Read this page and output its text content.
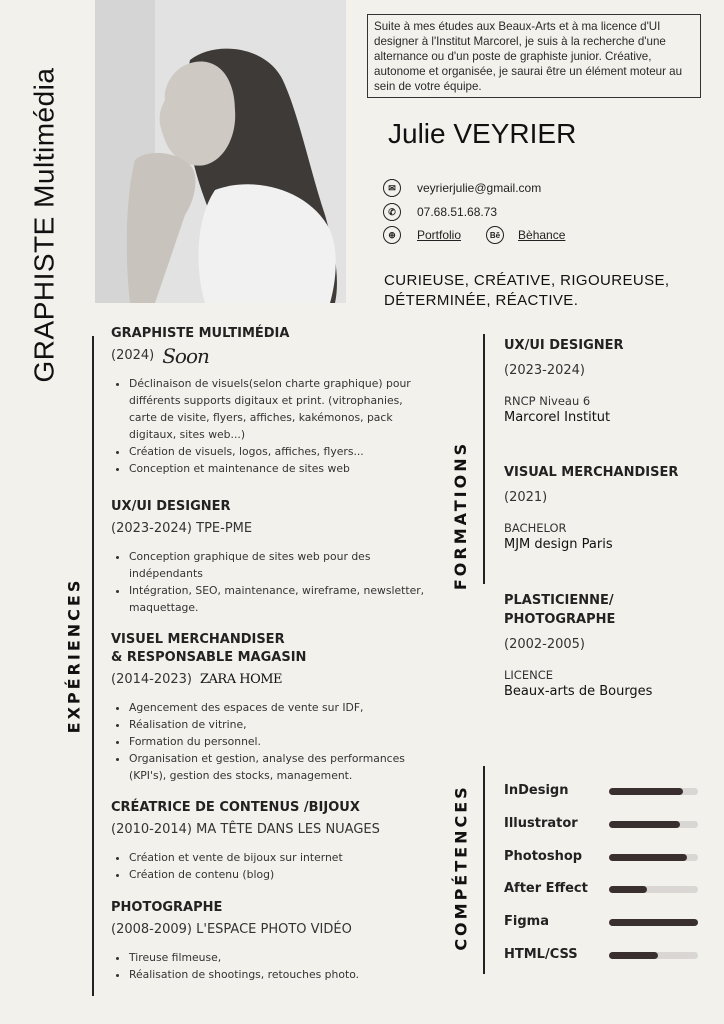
GRAPHISTE Multimédia
Suite à mes études aux Beaux-Arts et à ma licence d'UI designer à l'Institut Marcorel, je suis à la recherche d'une alternance ou d'un poste de graphiste junior. Créative, autonome et organisée, je saurai être un élément moteur au sein de votre équipe.
Julie VEYRIER
✉	veyrierjulie@gmail.com
✆	07.68.51.68.73
⊕	Portfolio	Bē	Bèhance
CURIEUSE, CRÉATIVE, RIGOUREUSE, DÉTERMINÉE, RÉACTIVE.
EXPÉRIENCES
FORMATIONS
COMPÉTENCES
GRAPHISTE MULTIMÉDIA
(2024) Soon
• Déclinaison de visuels(selon charte graphique) pour différents supports digitaux et print. (vitrophanies, carte de visite, flyers, affiches, kakémonos, pack digitaux, sites web...)
• Création de visuels, logos, affiches, flyers...
• Conception et maintenance de sites web
UX/UI DESIGNER
(2023-2024) TPE-PME
• Conception graphique de sites web pour des indépendants
• Intégration, SEO, maintenance, wireframe, newsletter, maquettage.
VISUEL MERCHANDISER
& RESPONSABLE MAGASIN
(2014-2023) ZARA HOME
• Agencement des espaces de vente sur IDF,
• Réalisation de vitrine,
• Formation du personnel.
• Organisation et gestion, analyse des performances (KPI's), gestion des stocks, management.
CRÉATRICE DE CONTENUS /BIJOUX
(2010-2014) MA TÊTE DANS LES NUAGES
• Création et vente de bijoux sur internet
• Création de contenu (blog)
PHOTOGRAPHE
(2008-2009) L'ESPACE PHOTO VIDÉO
• Tireuse filmeuse,
• Réalisation de shootings, retouches photo.
UX/UI DESIGNER
(2023-2024)
RNCP Niveau 6
Marcorel Institut
VISUAL MERCHANDISER
(2021)
BACHELOR
MJM design Paris
PLASTICIENNE/
PHOTOGRAPHE
(2002-2005)
LICENCE
Beaux-arts de Bourges
InDesign
Illustrator
Photoshop
After Effect
Figma
HTML/CSS
